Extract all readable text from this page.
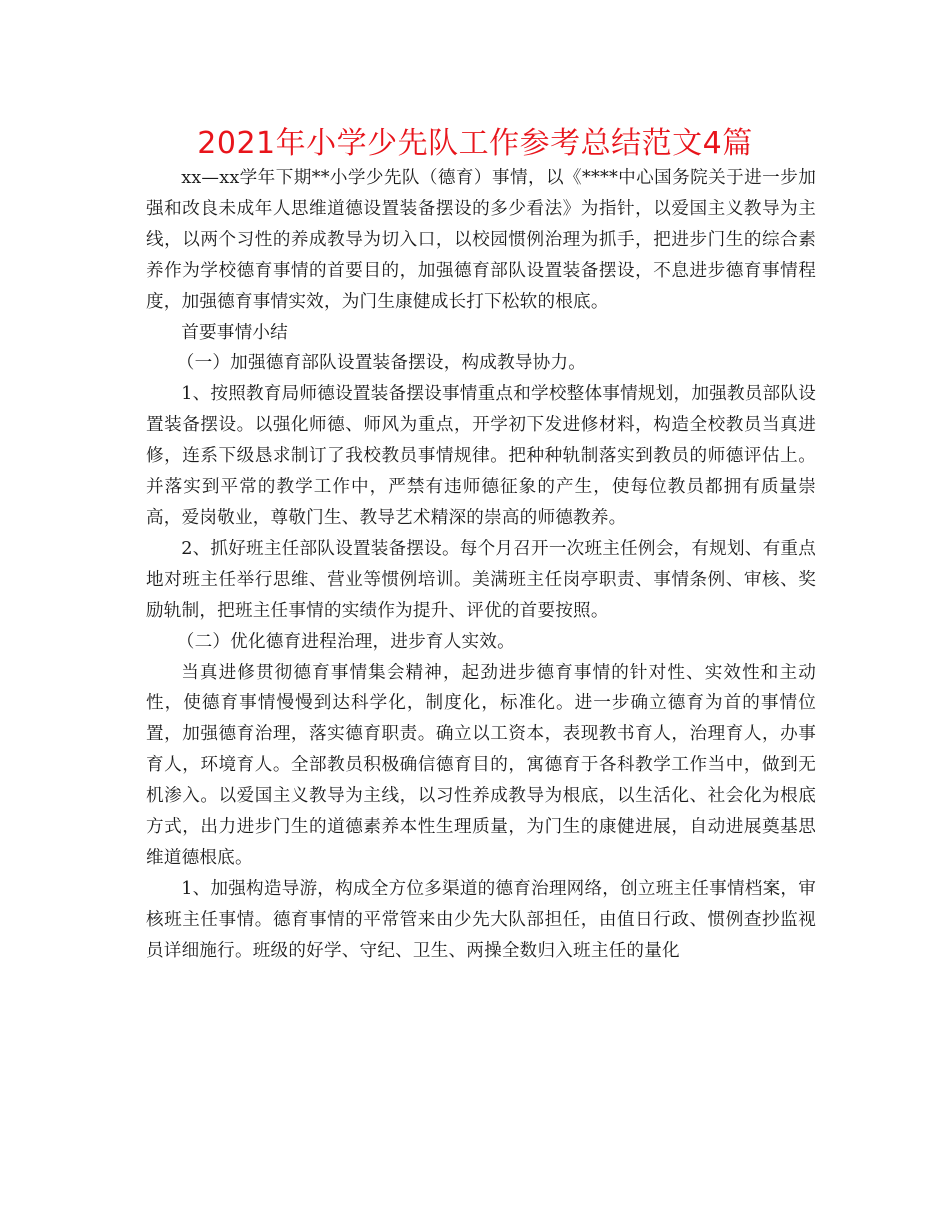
2021年小学少先队工作参考总结范文4篇

xx—xx学年下期**小学少先队（德育）事情，以《****中心国务院关于进一步加强和改良未成年人思维道德设置装备摆设的多少看法》为指针，以爱国主义教导为主线，以两个习性的养成教导为切入口，以校园惯例治理为抓手，把进步门生的综合素养作为学校德育事情的首要目的，加强德育部队设置装备摆设，不息进步德育事情程度，加强德育事情实效，为门生康健成长打下松软的根底。

首要事情小结

（一）加强德育部队设置装备摆设，构成教导协力。

1、按照教育局师德设置装备摆设事情重点和学校整体事情规划，加强教员部队设置装备摆设。以强化师德、师风为重点，开学初下发进修材料，构造全校教员当真进修，连系下级恳求制订了我校教员事情规律。把种种轨制落实到教员的师德评估上。并落实到平常的教学工作中，严禁有违师德征象的产生，使每位教员都拥有质量崇高，爱岗敬业，尊敬门生、教导艺术精深的崇高的师德教养。

2、抓好班主任部队设置装备摆设。每个月召开一次班主任例会，有规划、有重点地对班主任举行思维、营业等惯例培训。美满班主任岗亭职责、事情条例、审核、奖励轨制，把班主任事情的实绩作为提升、评优的首要按照。

（二）优化德育进程治理，进步育人实效。

当真进修贯彻德育事情集会精神，起劲进步德育事情的针对性、实效性和主动性，使德育事情慢慢到达科学化，制度化，标准化。进一步确立德育为首的事情位置，加强德育治理，落实德育职责。确立以工资本，表现教书育人，治理育人，办事育人，环境育人。全部教员积极确信德育目的，寓德育于各科教学工作当中，做到无机渗入。以爱国主义教导为主线，以习性养成教导为根底，以生活化、社会化为根底方式，出力进步门生的道德素养本性生理质量，为门生的康健进展，自动进展奠基思维道德根底。

1、加强构造导游，构成全方位多渠道的德育治理网络，创立班主任事情档案，审核班主任事情。德育事情的平常管来由少先大队部担任，由值日行政、惯例查抄监视员详细施行。班级的好学、守纪、卫生、两操全数归入班主任的量化
